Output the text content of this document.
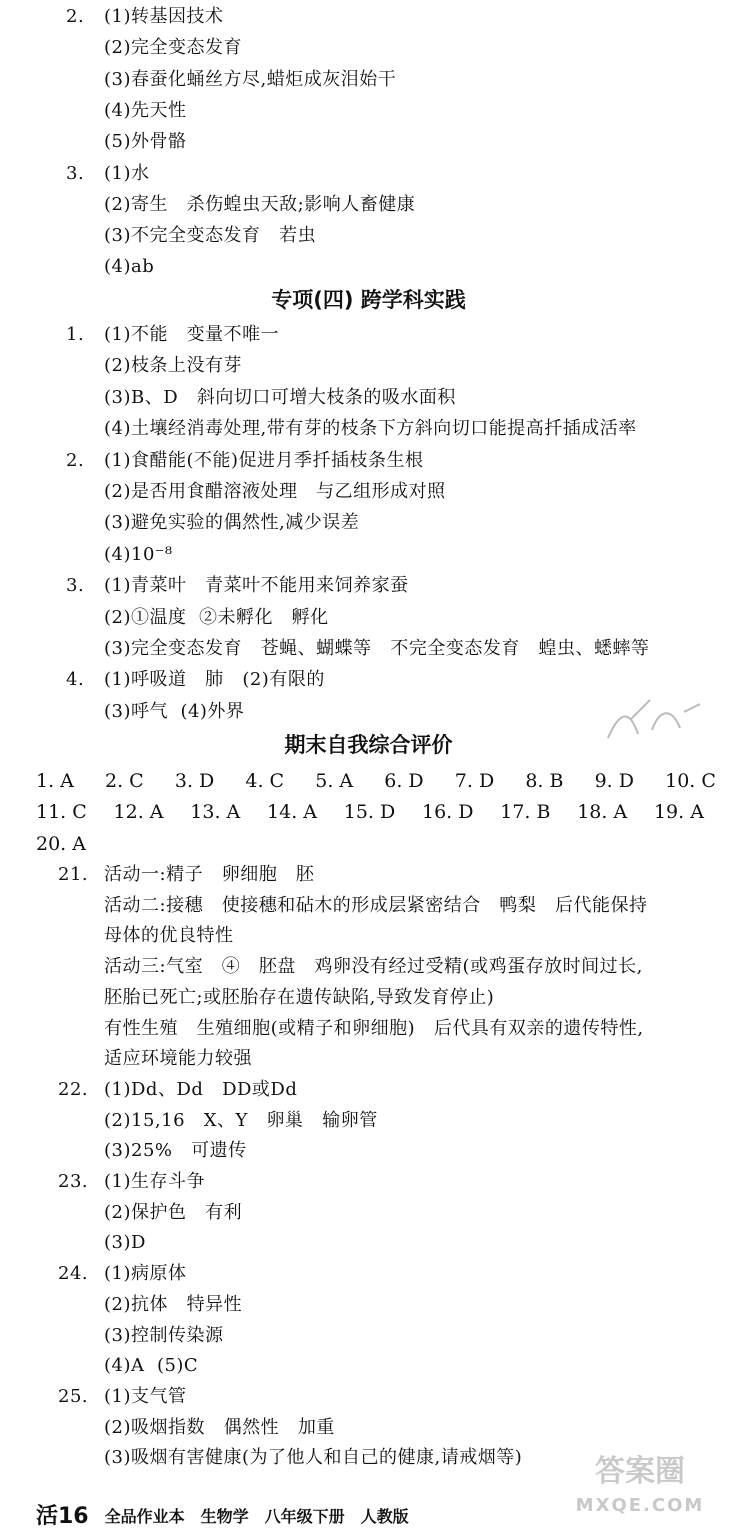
2. (1)转基因技术
(2)完全变态发育
(3)春蚕化蛹丝方尽,蜡炬成灰泪始干
(4)先天性
(5)外骨骼
3. (1)水
(2)寄生   杀伤蝗虫天敌;影响人畜健康
(3)不完全变态发育   若虫
(4)ab
专项(四) 跨学科实践
1. (1)不能   变量不唯一
(2)枝条上没有芽
(3)B、D   斜向切口可增大枝条的吸水面积
(4)土壤经消毒处理,带有芽的枝条下方斜向切口能提高扦插成活率
2. (1)食醋能(不能)促进月季扦插枝条生根
(2)是否用食醋溶液处理   与乙组形成对照
(3)避免实验的偶然性,减少误差
(4)10⁻⁸
3. (1)青菜叶   青菜叶不能用来饲养家蚕
(2)①温度  ②未孵化   孵化
(3)完全变态发育   苍蝇、蝴蝶等   不完全变态发育   蝗虫、蟋蟀等
4. (1)呼吸道   肺   (2)有限的
(3)呼气  (4)外界
期末自我综合评价
1. A 2. C 3. D 4. C 5. A 6. D 7. D 8. B 9. D 10. C
11. C 12. A 13. A 14. A 15. D 16. D 17. B 18. A 19. A
20. A
21. 活动一:精子   卵细胞   胚
活动二:接穗   使接穗和砧木的形成层紧密结合   鸭梨   后代能保持
母体的优良特性
活动三:气室   ④   胚盘   鸡卵没有经过受精(或鸡蛋存放时间过长,
胚胎已死亡;或胚胎存在遗传缺陷,导致发育停止)
有性生殖   生殖细胞(或精子和卵细胞)   后代具有双亲的遗传特性,
适应环境能力较强
22. (1)Dd、Dd   DD或Dd
(2)15,16   X、Y   卵巢   输卵管
(3)25%   可遗传
23. (1)生存斗争
(2)保护色   有利
(3)D
24. (1)病原体
(2)抗体   特异性
(3)控制传染源
(4)A  (5)C
25. (1)支气管
(2)吸烟指数   偶然性   加重
(3)吸烟有害健康(为了他人和自己的健康,请戒烟等)
活16 全品作业本 生物学 八年级下册 人教版
答案圈
MXQE.COM
